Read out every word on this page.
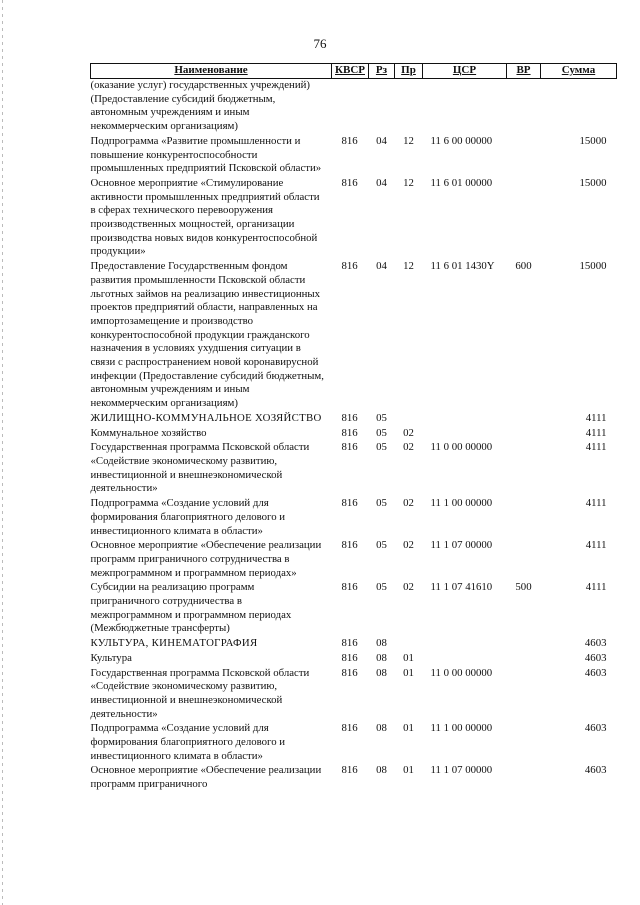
76
Наименование	КВСР	Рз	Пр	ЦСР	ВР	Сумма
(оказание услуг) государственных учреждений) (Предоставление субсидий бюджетным, автономным учреждениям и иным некоммерческим организациям)						
Подпрограмма «Развитие промышленности и повышение конкурентоспособности промышленных предприятий Псковской области»	816	04	12	11 6 00 00000		15000
Основное мероприятие «Стимулирование активности промышленных предприятий области в сферах технического перевооружения производственных мощностей, организации производства новых видов конкурентоспособной продукции»	816	04	12	11 6 01 00000		15000
Предоставление Государственным фондом развития промышленности Псковской области льготных займов на реализацию инвестиционных проектов предприятий области, направленных на импортозамещение и производство конкурентоспособной продукции гражданского назначения в условиях ухудшения ситуации в связи с распространением новой коронавирусной инфекции (Предоставление субсидий бюджетным, автономным учреждениям и иным некоммерческим организациям)	816	04	12	11 6 01 1430Y	600	15000
ЖИЛИЩНО-КОММУНАЛЬНОЕ ХОЗЯЙСТВО	816	05				4111
Коммунальное хозяйство	816	05	02			4111
Государственная программа Псковской области «Содействие экономическому развитию, инвестиционной и внешнеэкономической деятельности»	816	05	02	11 0 00 00000		4111
Подпрограмма «Создание условий для формирования благоприятного делового и инвестиционного климата в области»	816	05	02	11 1 00 00000		4111
Основное мероприятие «Обеспечение реализации программ приграничного сотрудничества в межпрограммном и программном периодах»	816	05	02	11 1 07 00000		4111
Субсидии на реализацию программ приграничного сотрудничества в межпрограммном и программном периодах (Межбюджетные трансферты)	816	05	02	11 1 07 41610	500	4111
КУЛЬТУРА, КИНЕМАТОГРАФИЯ	816	08				4603
Культура	816	08	01			4603
Государственная программа Псковской области «Содействие экономическому развитию, инвестиционной и внешнеэкономической деятельности»	816	08	01	11 0 00 00000		4603
Подпрограмма «Создание условий для формирования благоприятного делового и инвестиционного климата в области»	816	08	01	11 1 00 00000		4603
Основное мероприятие «Обеспечение реализации программ приграничного	816	08	01	11 1 07 00000		4603
